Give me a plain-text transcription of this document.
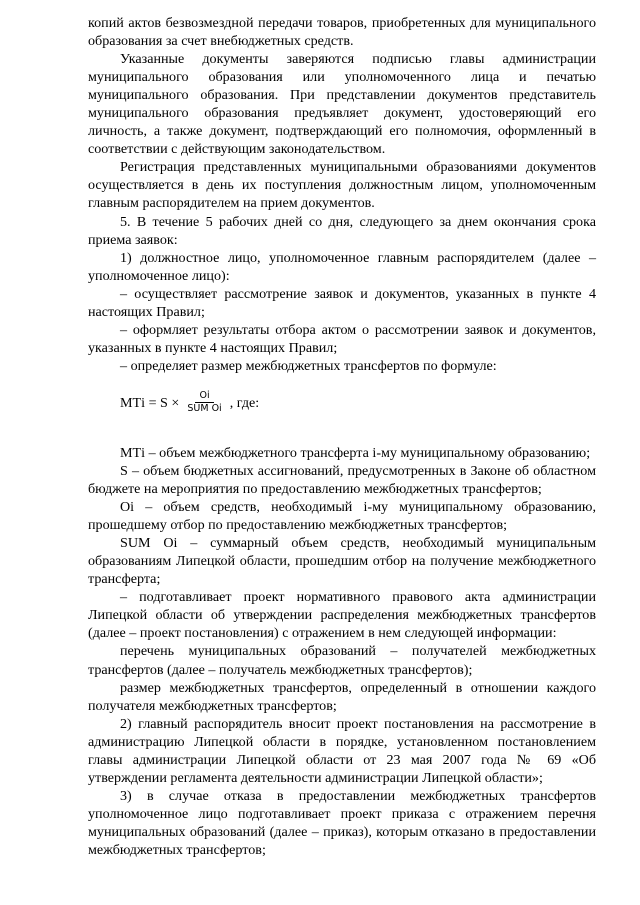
копий актов безвозмездной передачи товаров, приобретенных для муниципального образования за счет внебюджетных средств.

Указанные документы заверяются подписью главы администрации муниципального образования или уполномоченного лица и печатью муниципального образования. При представлении документов представитель муниципального образования предъявляет документ, удостоверяющий его личность, а также документ, подтверждающий его полномочия, оформленный в соответствии с действующим законодательством.

Регистрация представленных муниципальными образованиями документов осуществляется в день их поступления должностным лицом, уполномоченным главным распорядителем на прием документов.

5. В течение 5 рабочих дней со дня, следующего за днем окончания срока приема заявок:

1) должностное лицо, уполномоченное главным распорядителем (далее – уполномоченное лицо):

– осуществляет рассмотрение заявок и документов, указанных в пункте 4 настоящих Правил;

– оформляет результаты отбора актом о рассмотрении заявок и документов, указанных в пункте 4 настоящих Правил;

– определяет размер межбюджетных трансфертов по формуле:

МТi = $S \times \frac{Oi}{\text{SUM Oi}}$ , где:

МТi – объем межбюджетного трансферта i-му муниципальному образованию;

S – объем бюджетных ассигнований, предусмотренных в Законе об областном бюджете на мероприятия по предоставлению межбюджетных трансфертов;

Oi – объем средств, необходимый i-му муниципальному образованию, прошедшему отбор по предоставлению межбюджетных трансфертов;

SUM Oi – суммарный объем средств, необходимый муниципальным образованиям Липецкой области, прошедшим отбор на получение межбюджетного трансферта;

– подготавливает проект нормативного правового акта администрации Липецкой области об утверждении распределения межбюджетных трансфертов (далее – проект постановления) с отражением в нем следующей информации:

перечень муниципальных образований – получателей межбюджетных трансфертов (далее – получатель межбюджетных трансфертов);

размер межбюджетных трансфертов, определенный в отношении каждого получателя межбюджетных трансфертов;

2) главный распорядитель вносит проект постановления на рассмотрение в администрацию Липецкой области в порядке, установленном постановлением главы администрации Липецкой области от 23 мая 2007 года № 69 «Об утверждении регламента деятельности администрации Липецкой области»;

3) в случае отказа в предоставлении межбюджетных трансфертов уполномоченное лицо подготавливает проект приказа с отражением перечня муниципальных образований (далее – приказ), которым отказано в предоставлении межбюджетных трансфертов;
